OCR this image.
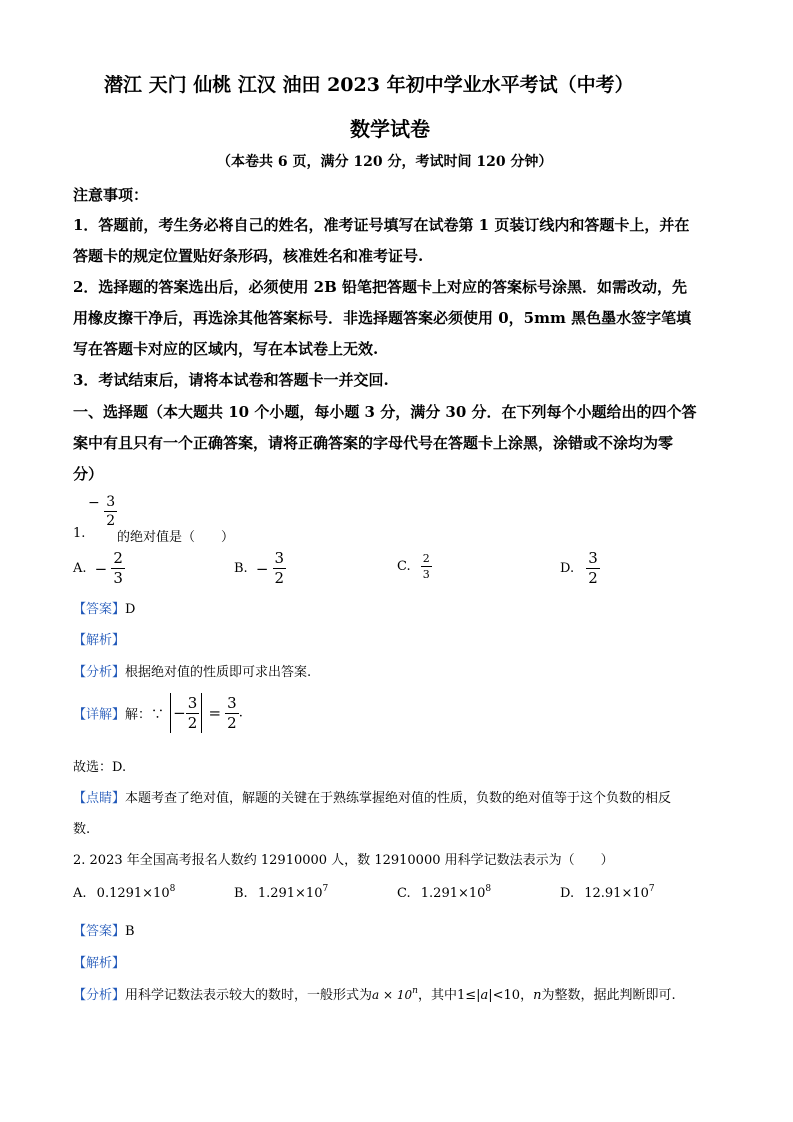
潜江 天门 仙桃 江汉 油田 2023 年初中学业水平考试（中考）
数学试卷
（本卷共 6 页，满分 120 分，考试时间 120 分钟）
注意事项：
1．答题前，考生务必将自己的姓名，准考证号填写在试卷第 1 页装订线内和答题卡上，并在
答题卡的规定位置贴好条形码，核准姓名和准考证号.
2．选择题的答案选出后，必须使用 2B 铅笔把答题卡上对应的答案标号涂黑．如需改动，先
用橡皮擦干净后，再选涂其他答案标号．非选择题答案必须使用 0，5mm 黑色墨水签字笔填
写在答题卡对应的区域内，写在本试卷上无效.
3．考试结束后，请将本试卷和答题卡一并交回.
一、选择题（本大题共 10 个小题，每小题 3 分，满分 30 分．在下列每个小题给出的四个答
案中有且只有一个正确答案，请将正确答案的字母代号在答题卡上涂黑，涂错或不涂均为零
分）
1.
− $\frac{3}{2}$
的绝对值是（　　）
A. − $\frac{2}{3}$	B. − $\frac{3}{2}$	C. $\frac{2}{3}$	D. $\frac{3}{2}$
【答案】D
【解析】
【分析】根据绝对值的性质即可求出答案.
【详解】解：∵ − $\frac{3}{2} = \frac{3}{2}$ .
故选：D.
【点睛】本题考查了绝对值，解题的关键在于熟练掌握绝对值的性质，负数的绝对值等于这个负数的相反
数.
2. 2023 年全国高考报名人数约 12910000 人，数 12910000 用科学记数法表示为（　　）
A. $0.1291\times 10^8$	B. $1.291\times 10^7$	C. $1.291\times 10^8$	D. $12.91\times 10^7$
【答案】B
【解析】
【分析】用科学记数法表示较大的数时，一般形式为$a \times 10^n$，其中1≤|a|<10，n为整数，据此判断即可.
